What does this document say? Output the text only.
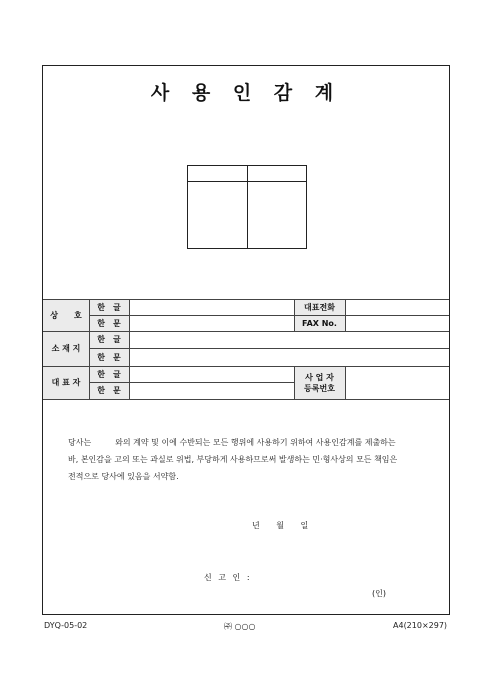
사 용 인 감 계
상　　호
소 재 지
대 표 자
한　글
한　문
한　글
한　문
한　글
한　문
대표전화
FAX No.
사 업 자
등록번호

당사는　　　와의 계약 및 이에 수반되는 모든 행위에 사용하기 위하여 사용인감계를 제출하는

바, 본인감을 고의 또는 과실로 위법, 부당하게 사용하므로써 발생하는 민·형사상의 모든 책임은

전적으로 당사에 있음을 서약함.

년 월 일
신 고 인 :
(인)
DYQ-05-02	㈜ ○○○	A4(210×297)
